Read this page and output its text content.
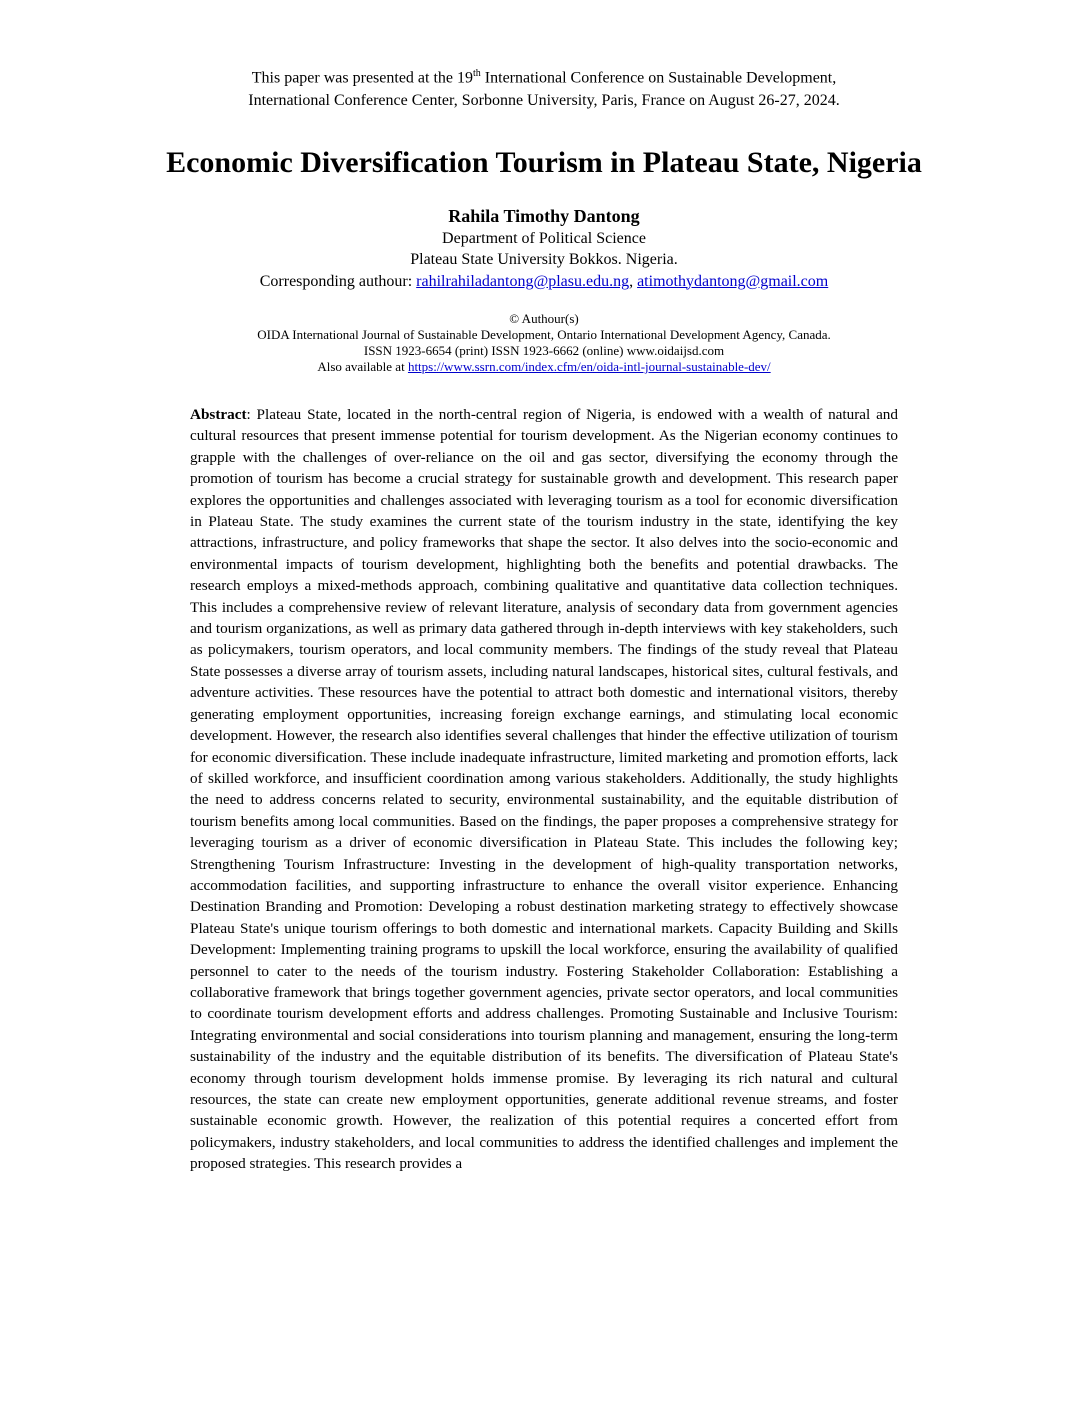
This paper was presented at the 19th International Conference on Sustainable Development,
International Conference Center, Sorbonne University, Paris, France on August 26-27, 2024.
Economic Diversification Tourism in Plateau State, Nigeria
Rahila Timothy Dantong
Department of Political Science
Plateau State University Bokkos. Nigeria.
Corresponding authour: rahilrahiladantong@plasu.edu.ng, atimothydantong@gmail.com
© Authour(s)
OIDA International Journal of Sustainable Development, Ontario International Development Agency, Canada.
ISSN 1923-6654 (print) ISSN 1923-6662 (online) www.oidaijsd.com
Also available at https://www.ssrn.com/index.cfm/en/oida-intl-journal-sustainable-dev/

Abstract: Plateau State, located in the north-central region of Nigeria, is endowed with a wealth of natural and cultural resources that present immense potential for tourism development. As the Nigerian economy continues to grapple with the challenges of over-reliance on the oil and gas sector, diversifying the economy through the promotion of tourism has become a crucial strategy for sustainable growth and development. This research paper explores the opportunities and challenges associated with leveraging tourism as a tool for economic diversification in Plateau State. The study examines the current state of the tourism industry in the state, identifying the key attractions, infrastructure, and policy frameworks that shape the sector. It also delves into the socio-economic and environmental impacts of tourism development, highlighting both the benefits and potential drawbacks. The research employs a mixed-methods approach, combining qualitative and quantitative data collection techniques. This includes a comprehensive review of relevant literature, analysis of secondary data from government agencies and tourism organizations, as well as primary data gathered through in-depth interviews with key stakeholders, such as policymakers, tourism operators, and local community members. The findings of the study reveal that Plateau State possesses a diverse array of tourism assets, including natural landscapes, historical sites, cultural festivals, and adventure activities. These resources have the potential to attract both domestic and international visitors, thereby generating employment opportunities, increasing foreign exchange earnings, and stimulating local economic development. However, the research also identifies several challenges that hinder the effective utilization of tourism for economic diversification. These include inadequate infrastructure, limited marketing and promotion efforts, lack of skilled workforce, and insufficient coordination among various stakeholders. Additionally, the study highlights the need to address concerns related to security, environmental sustainability, and the equitable distribution of tourism benefits among local communities. Based on the findings, the paper proposes a comprehensive strategy for leveraging tourism as a driver of economic diversification in Plateau State. This includes the following key; Strengthening Tourism Infrastructure: Investing in the development of high-quality transportation networks, accommodation facilities, and supporting infrastructure to enhance the overall visitor experience. Enhancing Destination Branding and Promotion: Developing a robust destination marketing strategy to effectively showcase Plateau State's unique tourism offerings to both domestic and international markets. Capacity Building and Skills Development: Implementing training programs to upskill the local workforce, ensuring the availability of qualified personnel to cater to the needs of the tourism industry. Fostering Stakeholder Collaboration: Establishing a collaborative framework that brings together government agencies, private sector operators, and local communities to coordinate tourism development efforts and address challenges. Promoting Sustainable and Inclusive Tourism: Integrating environmental and social considerations into tourism planning and management, ensuring the long-term sustainability of the industry and the equitable distribution of its benefits. The diversification of Plateau State's economy through tourism development holds immense promise. By leveraging its rich natural and cultural resources, the state can create new employment opportunities, generate additional revenue streams, and foster sustainable economic growth. However, the realization of this potential requires a concerted effort from policymakers, industry stakeholders, and local communities to address the identified challenges and implement the proposed strategies. This research provides a
